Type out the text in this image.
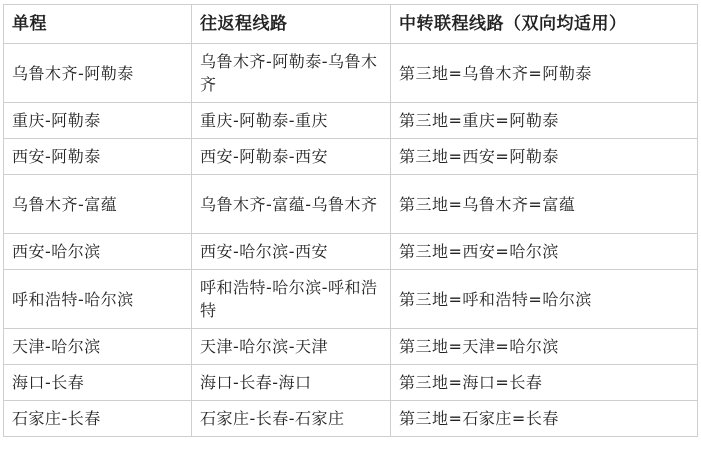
单程	往返程线路	中转联程线路（双向均适用）
乌鲁木齐-阿勒泰	乌鲁木齐-阿勒泰-乌鲁木齐	第三地=乌鲁木齐=阿勒泰
重庆-阿勒泰	重庆-阿勒泰-重庆	第三地=重庆=阿勒泰
西安-阿勒泰	西安-阿勒泰-西安	第三地=西安=阿勒泰
乌鲁木齐-富蕴	乌鲁木齐-富蕴-乌鲁木齐	第三地=乌鲁木齐=富蕴
西安-哈尔滨	西安-哈尔滨-西安	第三地=西安=哈尔滨
呼和浩特-哈尔滨	呼和浩特-哈尔滨-呼和浩特	第三地=呼和浩特=哈尔滨
天津-哈尔滨	天津-哈尔滨-天津	第三地=天津=哈尔滨
海口-长春	海口-长春-海口	第三地=海口=长春
石家庄-长春	石家庄-长春-石家庄	第三地=石家庄=长春
